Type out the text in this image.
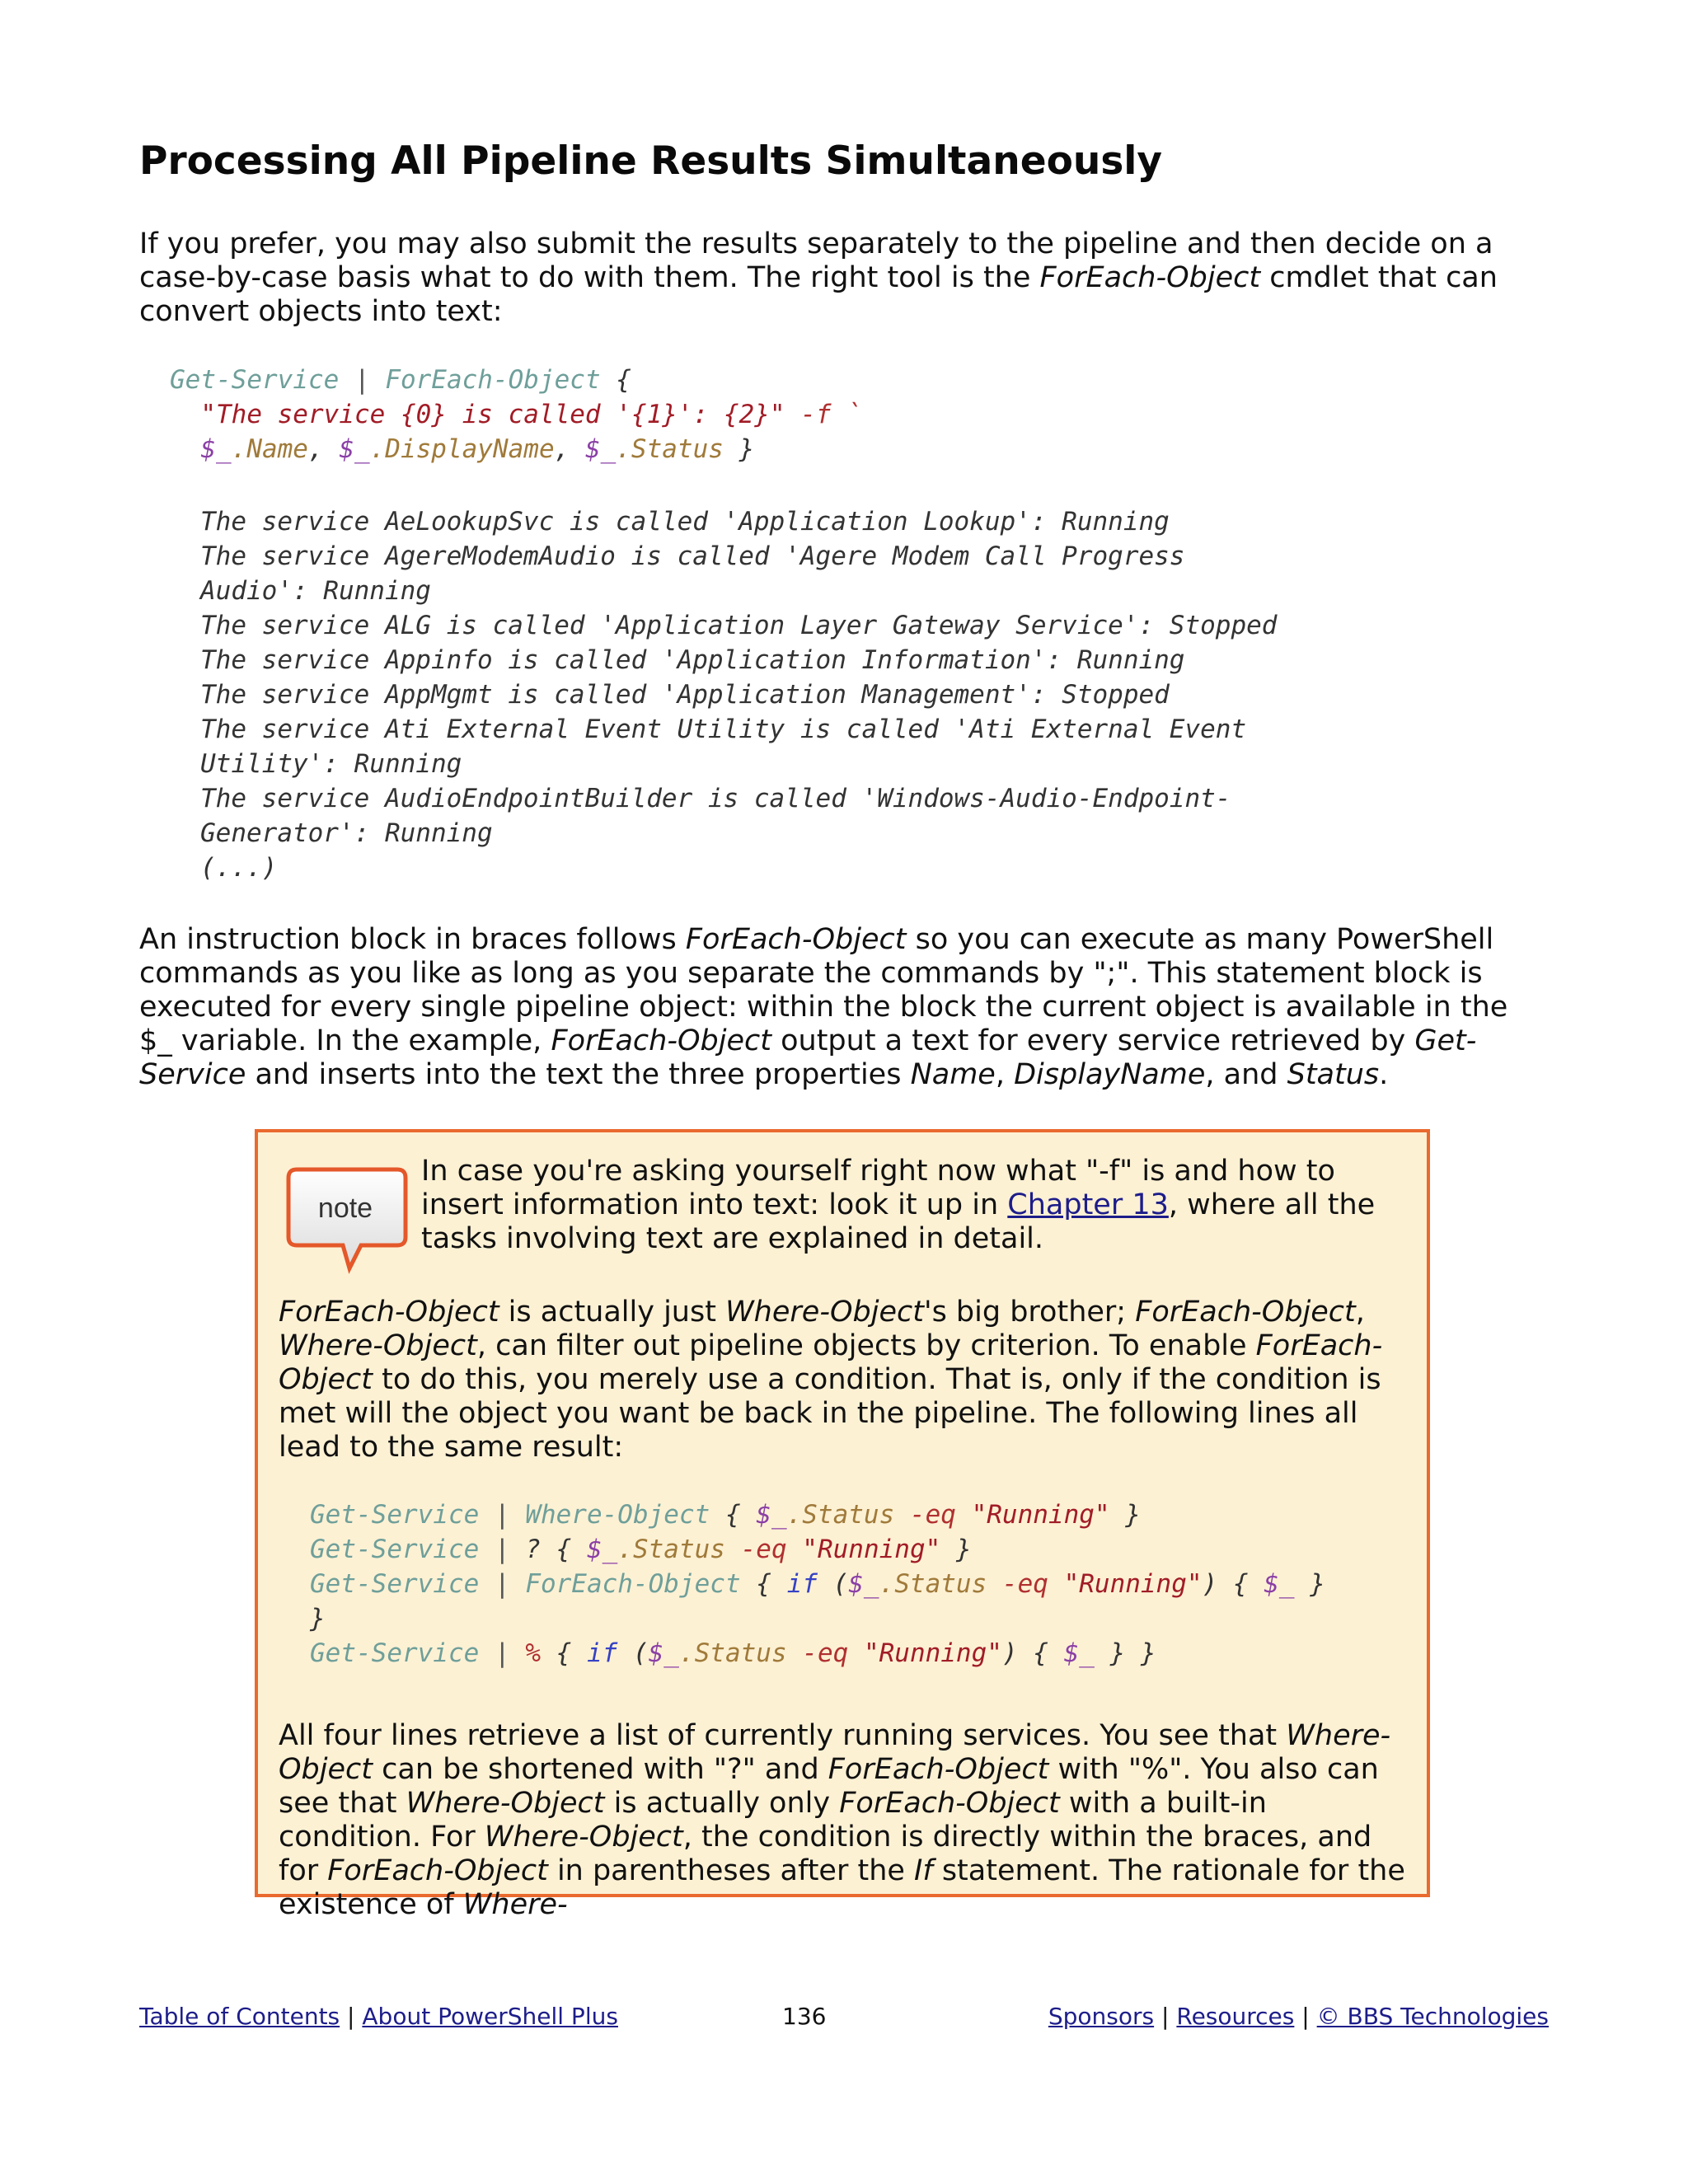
Processing All Pipeline Results Simultaneously

If you prefer, you may also submit the results separately to the pipeline and then decide on a case-by-case basis what to do with them. The right tool is the ForEach-Object cmdlet that can convert objects into text:

Get-Service | ForEach-Object {
"The service {0} is called '{1}': {2}" -f `
$_.Name, $_.DisplayName, $_.Status }
The service AeLookupSvc is called 'Application Lookup': Running
The service AgereModemAudio is called 'Agere Modem Call Progress
Audio': Running
The service ALG is called 'Application Layer Gateway Service': Stopped
The service Appinfo is called 'Application Information': Running
The service AppMgmt is called 'Application Management': Stopped
The service Ati External Event Utility is called 'Ati External Event
Utility': Running
The service AudioEndpointBuilder is called 'Windows-Audio-Endpoint-
Generator': Running
(...)

An instruction block in braces follows ForEach-Object so you can execute as many PowerShell commands as you like as long as you separate the commands by ";". This statement block is executed for every single pipeline object: within the block the current object is available in the $_ variable. In the example, ForEach-Object output a text for every service retrieved by Get-Service and inserts into the text the three properties Name, DisplayName, and Status.

note

In case you're asking yourself right now what "-f" is and how to insert information into text: look it up in Chapter 13, where all the tasks involving text are explained in detail.

ForEach-Object is actually just Where-Object's big brother; ForEach-Object, Where-Object, can filter out pipeline objects by criterion. To enable ForEach-Object to do this, you merely use a condition. That is, only if the condition is met will the object you want be back in the pipeline. The following lines all lead to the same result:

Get-Service | Where-Object { $_.Status -eq "Running" }
Get-Service | ? { $_.Status -eq "Running" }
Get-Service | ForEach-Object { if ($_.Status -eq "Running") { $_ }
}
Get-Service | % { if ($_.Status -eq "Running") { $_ } }

All four lines retrieve a list of currently running services. You see that Where-Object can be shortened with "?" and ForEach-Object with "%". You also can see that Where-Object is actually only ForEach-Object with a built-in condition. For Where-Object, the condition is directly within the braces, and for ForEach-Object in parentheses after the If statement. The rationale for the existence of Where-

Table of Contents | About PowerShell Plus	136	Sponsors | Resources | © BBS Technologies
